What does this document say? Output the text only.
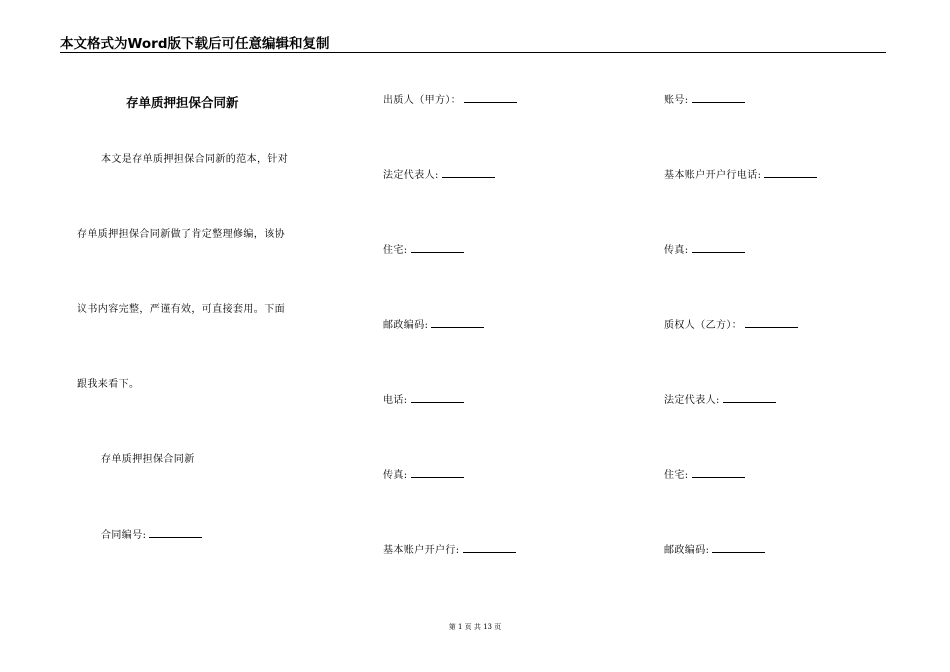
本文格式为Word版下载后可任意编辑和复制
存单质押担保合同新
本文是存单质押担保合同新的范本，针对
存单质押担保合同新做了肯定整理修编，该协
议书内容完整，严谨有效，可直接套用。下面
跟我来看下。
存单质押担保合同新
合同编号:
出质人（甲方）：
法定代表人:
住宅:
邮政编码:
电话:
传真:
基本账户开户行:
账号:
基本账户开户行电话:
传真:
质权人（乙方）：
法定代表人:
住宅:
邮政编码:
第 1 页 共 13 页
